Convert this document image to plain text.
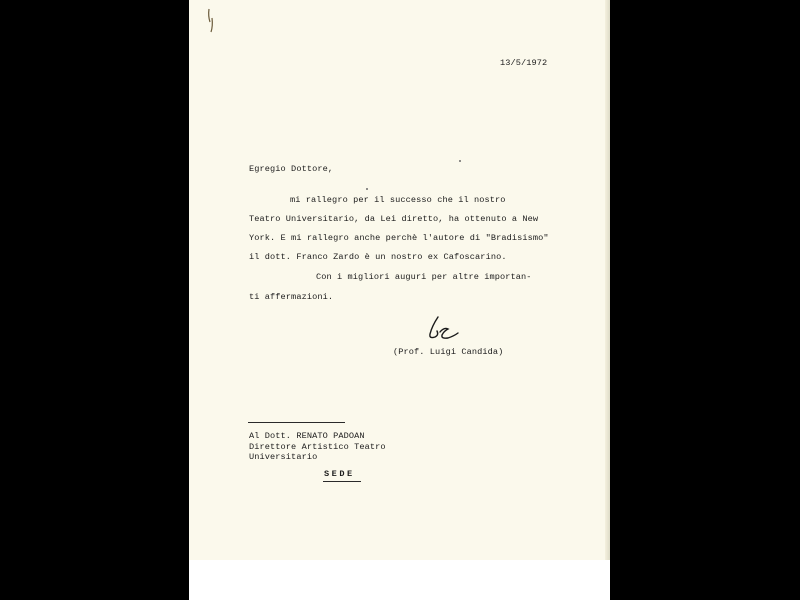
13/5/1972
Egregio Dottore,
mi rallegro per il successo che il nostro
Teatro Universitario, da Lei diretto, ha ottenuto a New
York. E mi rallegro anche perchè l'autore di "Bradisismo"
il dott. Franco Zardo è un nostro ex Cafoscarino.
Con i migliori auguri per altre importan-
ti affermazioni.
(Prof. Luigi Candida)
Al Dott. RENATO PADOAN
Direttore Artistico Teatro
Universitario
SEDE
